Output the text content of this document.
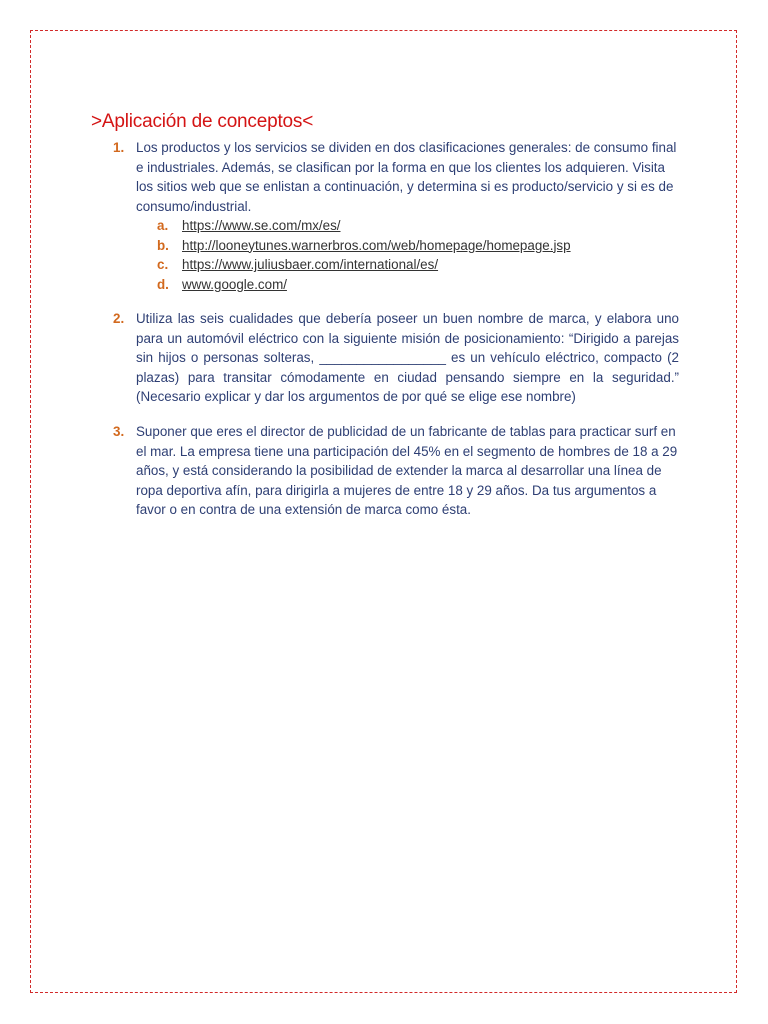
>Aplicación de conceptos<
1. Los productos y los servicios se dividen en dos clasificaciones generales: de consumo final e industriales. Además, se clasifican por la forma en que los clientes los adquieren. Visita los sitios web que se enlistan a continuación, y determina si es producto/servicio y si es de consumo/industrial.
a.	https://www.se.com/mx/es/
b. http://looneytunes.warnerbros.com/web/homepage/homepage.jsp
c.	https://www.juliusbaer.com/international/es/
d. www.google.com/
2. Utiliza las seis cualidades que debería poseer un buen nombre de marca, y elabora uno para un automóvil eléctrico con la siguiente misión de posicionamiento: “Dirigido a parejas sin hijos o personas solteras, _________________ es un vehículo eléctrico, compacto (2 plazas) para transitar cómodamente en ciudad pensando siempre en la seguridad.” (Necesario explicar y dar los argumentos de por qué se elige ese nombre)
3. Suponer que eres el director de publicidad de un fabricante de tablas para practicar surf en el mar. La empresa tiene una participación del 45% en el segmento de hombres de 18 a 29 años, y está considerando la posibilidad de extender la marca al desarrollar una línea de ropa deportiva afín, para dirigirla a mujeres de entre 18 y 29 años. Da tus argumentos a favor o en contra de una extensión de marca como ésta.
